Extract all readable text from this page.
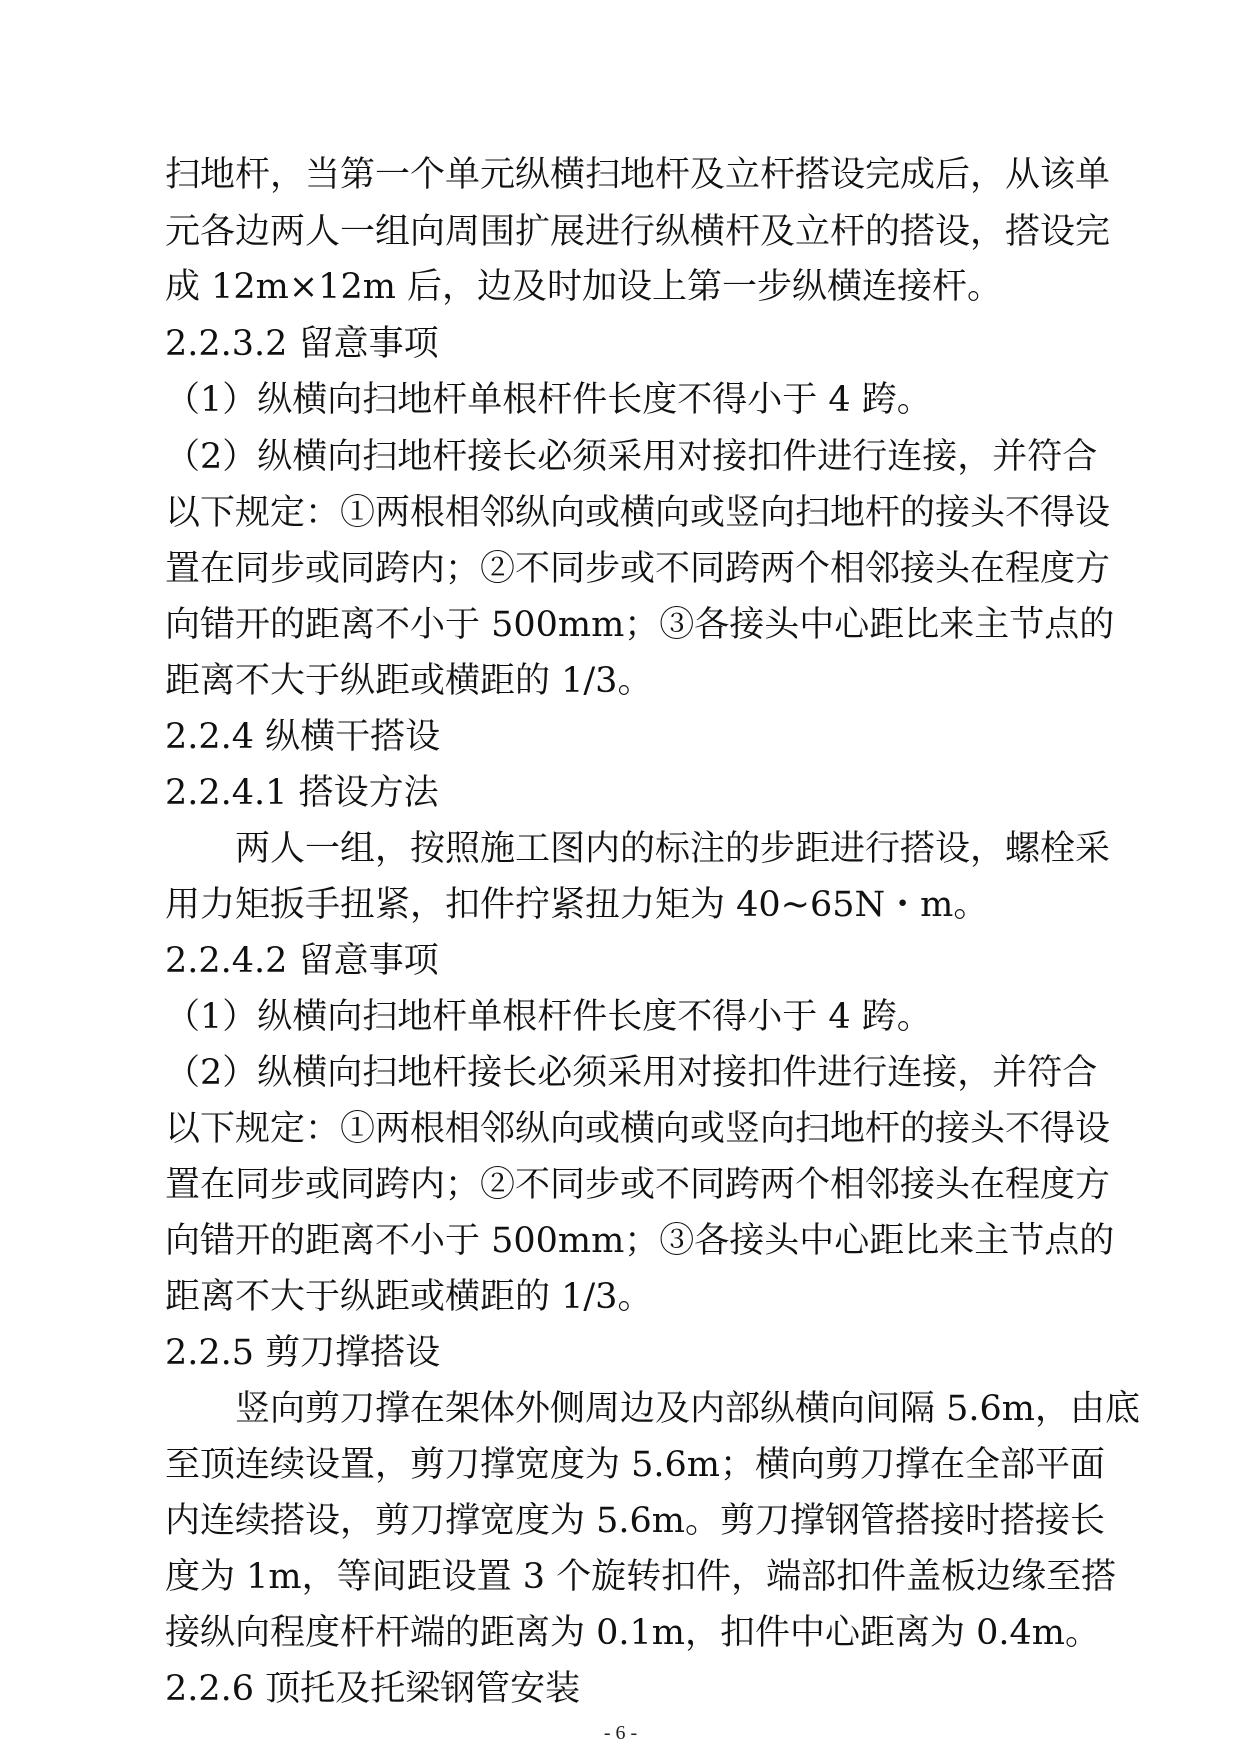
扫地杆，当第一个单元纵横扫地杆及立杆搭设完成后，从该单
元各边两人一组向周围扩展进行纵横杆及立杆的搭设，搭设完
成 12m×12m 后，边及时加设上第一步纵横连接杆。
2.2.3.2 留意事项
（1）纵横向扫地杆单根杆件长度不得小于 4 跨。
（2）纵横向扫地杆接长必须采用对接扣件进行连接，并符合
以下规定：①两根相邻纵向或横向或竖向扫地杆的接头不得设
置在同步或同跨内；②不同步或不同跨两个相邻接头在程度方
向错开的距离不小于 500mm；③各接头中心距比来主节点的
距离不大于纵距或横距的 1/3。
2.2.4 纵横干搭设
2.2.4.1 搭设方法
两人一组，按照施工图内的标注的步距进行搭设，螺栓采
用力矩扳手扭紧，扣件拧紧扭力矩为 40~65N・m。
2.2.4.2 留意事项
（1）纵横向扫地杆单根杆件长度不得小于 4 跨。
（2）纵横向扫地杆接长必须采用对接扣件进行连接，并符合
以下规定：①两根相邻纵向或横向或竖向扫地杆的接头不得设
置在同步或同跨内；②不同步或不同跨两个相邻接头在程度方
向错开的距离不小于 500mm；③各接头中心距比来主节点的
距离不大于纵距或横距的 1/3。
2.2.5 剪刀撑搭设
竖向剪刀撑在架体外侧周边及内部纵横向间隔 5.6m，由底
至顶连续设置，剪刀撑宽度为 5.6m；横向剪刀撑在全部平面
内连续搭设，剪刀撑宽度为 5.6m。剪刀撑钢管搭接时搭接长
度为 1m，等间距设置 3 个旋转扣件，端部扣件盖板边缘至搭
接纵向程度杆杆端的距离为 0.1m，扣件中心距离为 0.4m。
2.2.6 顶托及托梁钢管安装
- 6 -
